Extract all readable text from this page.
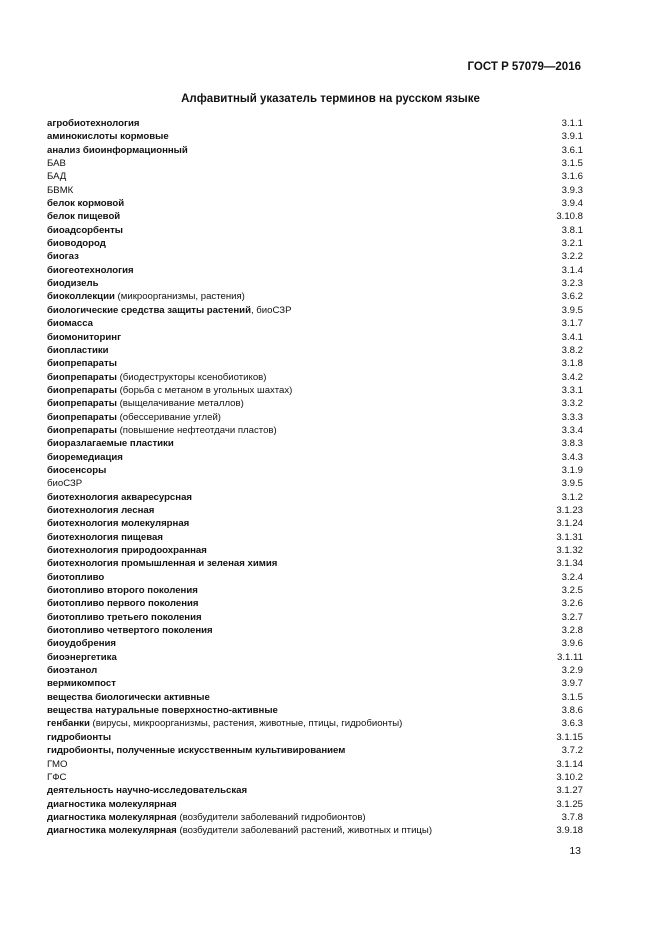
ГОСТ Р 57079—2016
Алфавитный указатель терминов на русском языке
агробиотехнология	3.1.1
аминокислоты кормовые	3.9.1
анализ биоинформационный	3.6.1
БАВ	3.1.5
БАД	3.1.6
БВМК	3.9.3
белок кормовой	3.9.4
белок пищевой	3.10.8
биоадсорбенты	3.8.1
биоводород	3.2.1
биогаз	3.2.2
биогеотехнология	3.1.4
биодизель	3.2.3
биоколлекции (микроорганизмы, растения)	3.6.2
биологические средства защиты растений, биоСЗР	3.9.5
биомасса	3.1.7
биомониторинг	3.4.1
биопластики	3.8.2
биопрепараты	3.1.8
биопрепараты (биодеструкторы ксенобиотиков)	3.4.2
биопрепараты (борьба с метаном в угольных шахтах)	3.3.1
биопрепараты (выщелачивание металлов)	3.3.2
биопрепараты (обессеривание углей)	3.3.3
биопрепараты (повышение нефтеотдачи пластов)	3.3.4
биоразлагаемые пластики	3.8.3
биоремедиация	3.4.3
биосенсоры	3.1.9
биоСЗР	3.9.5
биотехнология аквaресурсная	3.1.2
биотехнология лесная	3.1.23
биотехнология молекулярная	3.1.24
биотехнология пищевая	3.1.31
биотехнология природоохранная	3.1.32
биотехнология промышленная и зеленая химия	3.1.34
биотопливо	3.2.4
биотопливо второго поколения	3.2.5
биотопливо первого поколения	3.2.6
биотопливо третьего поколения	3.2.7
биотопливо четвертого поколения	3.2.8
биоудобрения	3.9.6
биоэнергетика	3.1.11
биоэтанол	3.2.9
вермикомпост	3.9.7
вещества биологически активные	3.1.5
вещества натуральные поверхностно-активные	3.8.6
генбанки (вирусы, микроорганизмы, растения, животные, птицы, гидробионты)	3.6.3
гидробионты	3.1.15
гидробионты, полученные искусственным культивированием	3.7.2
ГМО	3.1.14
ГФС	3.10.2
деятельность научно-исследовательская	3.1.27
диагностика молекулярная	3.1.25
диагностика молекулярная (возбудители заболеваний гидробионтов)	3.7.8
диагностика молекулярная (возбудители заболеваний растений, животных и птицы)	3.9.18
13
